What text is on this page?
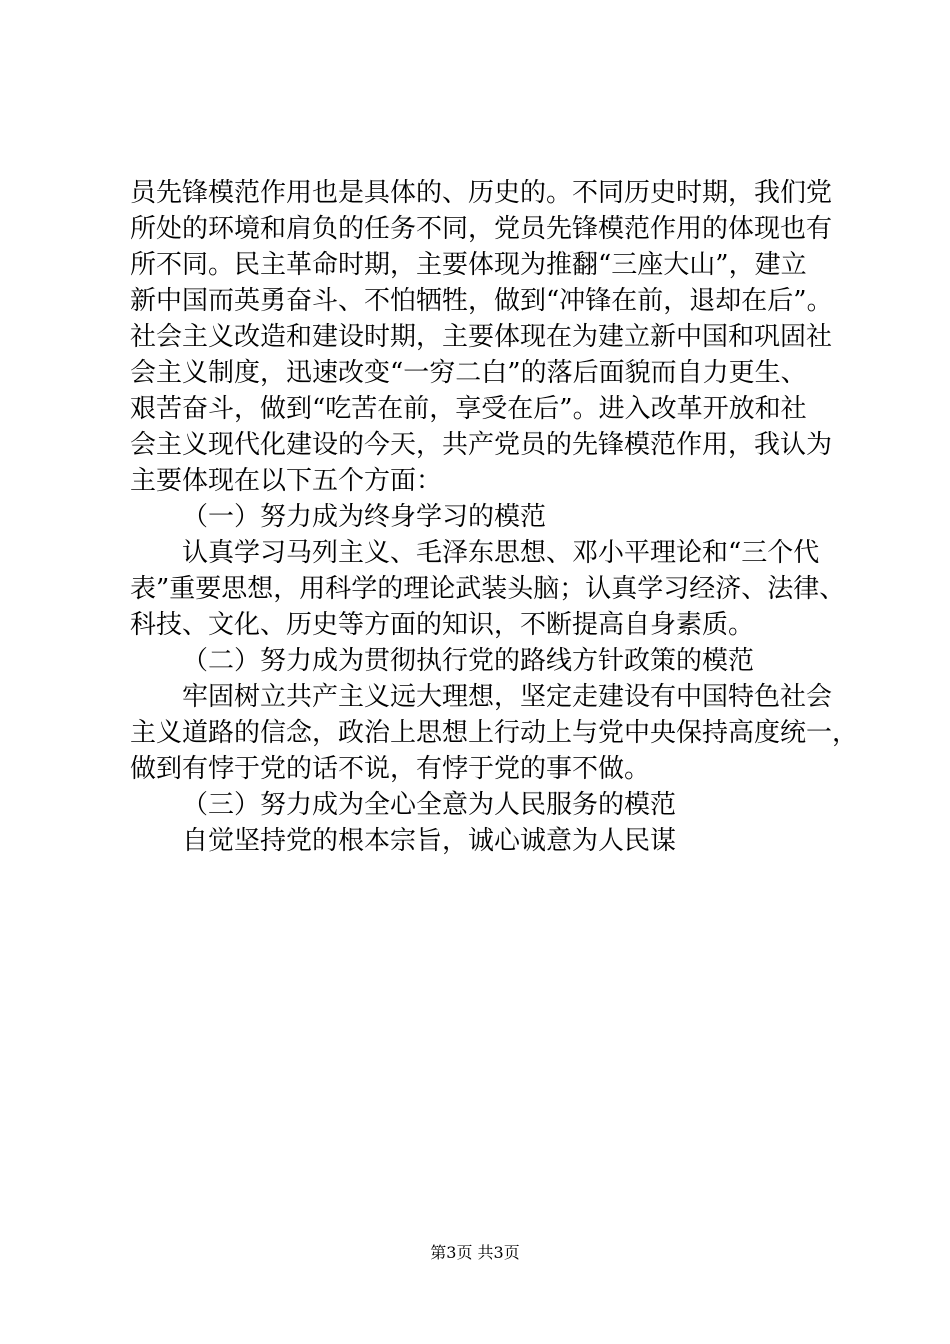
员先锋模范作用也是具体的、历史的。不同历史时期，我们党
所处的环境和肩负的任务不同，党员先锋模范作用的体现也有
所不同。民主革命时期，主要体现为推翻“三座大山”，建立
新中国而英勇奋斗、不怕牺牲，做到“冲锋在前，退却在后”。
社会主义改造和建设时期，主要体现在为建立新中国和巩固社
会主义制度，迅速改变“一穷二白”的落后面貌而自力更生、
艰苦奋斗，做到“吃苦在前，享受在后”。进入改革开放和社
会主义现代化建设的今天，共产党员的先锋模范作用，我认为
主要体现在以下五个方面：
（一）努力成为终身学习的模范
认真学习马列主义、毛泽东思想、邓小平理论和“三个代
表”重要思想，用科学的理论武装头脑；认真学习经济、法律、
科技、文化、历史等方面的知识，不断提高自身素质。
（二）努力成为贯彻执行党的路线方针政策的模范
牢固树立共产主义远大理想，坚定走建设有中国特色社会
主义道路的信念，政治上思想上行动上与党中央保持高度统一，
做到有悖于党的话不说，有悖于党的事不做。
（三）努力成为全心全意为人民服务的模范
自觉坚持党的根本宗旨，诚心诚意为人民谋
第3页 共3页
